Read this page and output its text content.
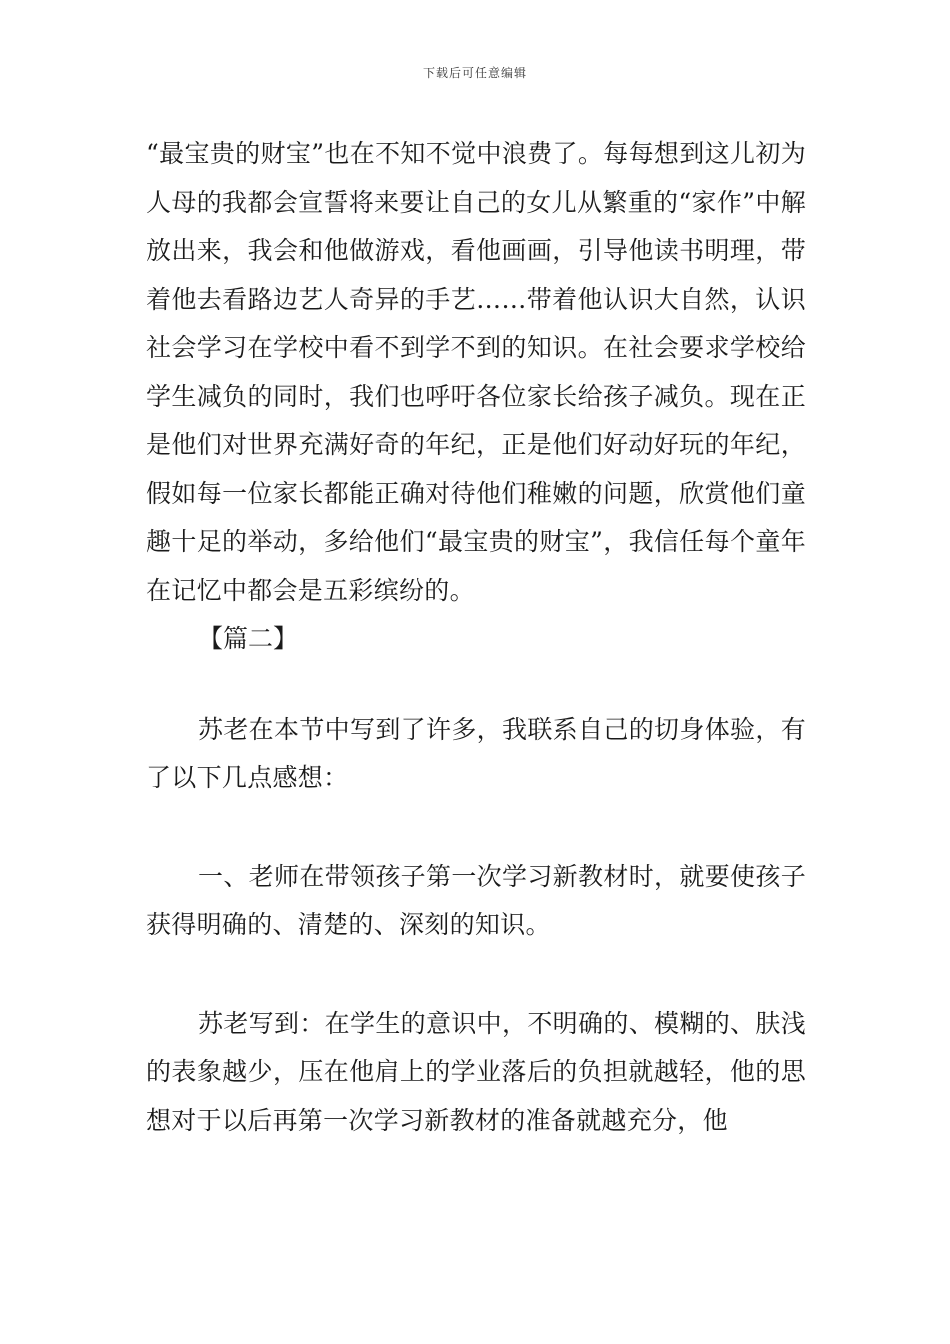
下载后可任意编辑

“最宝贵的财宝”也在不知不觉中浪费了。每每想到这儿初为人母的我都会宣誓将来要让自己的女儿从繁重的“家作”中解放出来，我会和他做游戏，看他画画，引导他读书明理，带着他去看路边艺人奇异的手艺……带着他认识大自然，认识社会学习在学校中看不到学不到的知识。在社会要求学校给学生减负的同时，我们也呼吁各位家长给孩子减负。现在正是他们对世界充满好奇的年纪，正是他们好动好玩的年纪，假如每一位家长都能正确对待他们稚嫩的问题，欣赏他们童趣十足的举动，多给他们“最宝贵的财宝”，我信任每个童年在记忆中都会是五彩缤纷的。

【篇二】

苏老在本节中写到了许多，我联系自己的切身体验，有了以下几点感想：

一、老师在带领孩子第一次学习新教材时，就要使孩子获得明确的、清楚的、深刻的知识。

苏老写到：在学生的意识中，不明确的、模糊的、肤浅的表象越少，压在他肩上的学业落后的负担就越轻，他的思想对于以后再第一次学习新教材的准备就越充分，他
